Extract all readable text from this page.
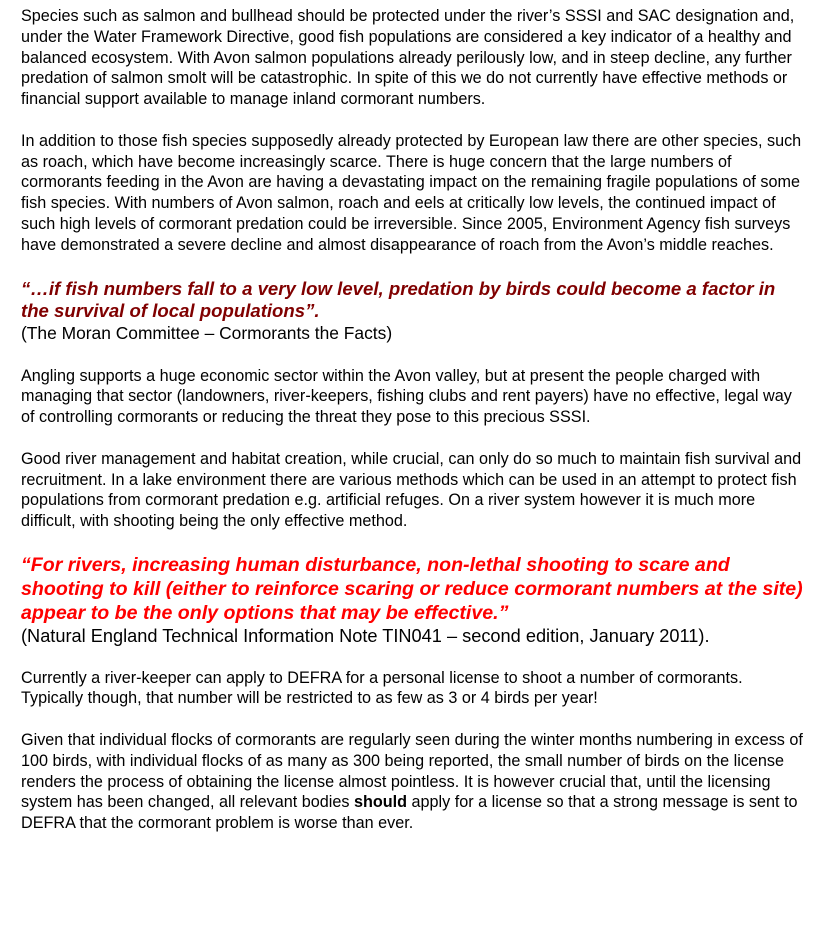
Species such as salmon and bullhead should be protected under the river’s SSSI and SAC designation and, under the Water Framework Directive, good fish populations are considered a key indicator of a healthy and balanced ecosystem. With Avon salmon populations already perilously low, and in steep decline, any further predation of salmon smolt will be catastrophic. In spite of this we do not currently have effective methods or financial support available to manage inland cormorant numbers.

In addition to those fish species supposedly already protected by European law there are other species, such as roach, which have become increasingly scarce. There is huge concern that the large numbers of cormorants feeding in the Avon are having a devastating impact on the remaining fragile populations of some fish species. With numbers of Avon salmon, roach and eels at critically low levels, the continued impact of such high levels of cormorant predation could be irreversible. Since 2005, Environment Agency fish surveys have demonstrated a severe decline and almost disappearance of roach from the Avon’s middle reaches.

“…if fish numbers fall to a very low level, predation by birds could become a factor in the survival of local populations”.

(The Moran Committee – Cormorants the Facts)

Angling supports a huge economic sector within the Avon valley, but at present the people charged with managing that sector (landowners, river-keepers, fishing clubs and rent payers) have no effective, legal way of controlling cormorants or reducing the threat they pose to this precious SSSI.

Good river management and habitat creation, while crucial, can only do so much to maintain fish survival and recruitment. In a lake environment there are various methods which can be used in an attempt to protect fish populations from cormorant predation e.g. artificial refuges. On a river system however it is much more difficult, with shooting being the only effective method.

“For rivers, increasing human disturbance, non-lethal shooting to scare and shooting to kill (either to reinforce scaring or reduce cormorant numbers at the site) appear to be the only options that may be effective.”

(Natural England Technical Information Note TIN041 – second edition, January 2011).

Currently a river-keeper can apply to DEFRA for a personal license to shoot a number of cormorants. Typically though, that number will be restricted to as few as 3 or 4 birds per year!

Given that individual flocks of cormorants are regularly seen during the winter months numbering in excess of 100 birds, with individual flocks of as many as 300 being reported, the small number of birds on the license renders the process of obtaining the license almost pointless. It is however crucial that, until the licensing system has been changed, all relevant bodies should apply for a license so that a strong message is sent to DEFRA that the cormorant problem is worse than ever.
